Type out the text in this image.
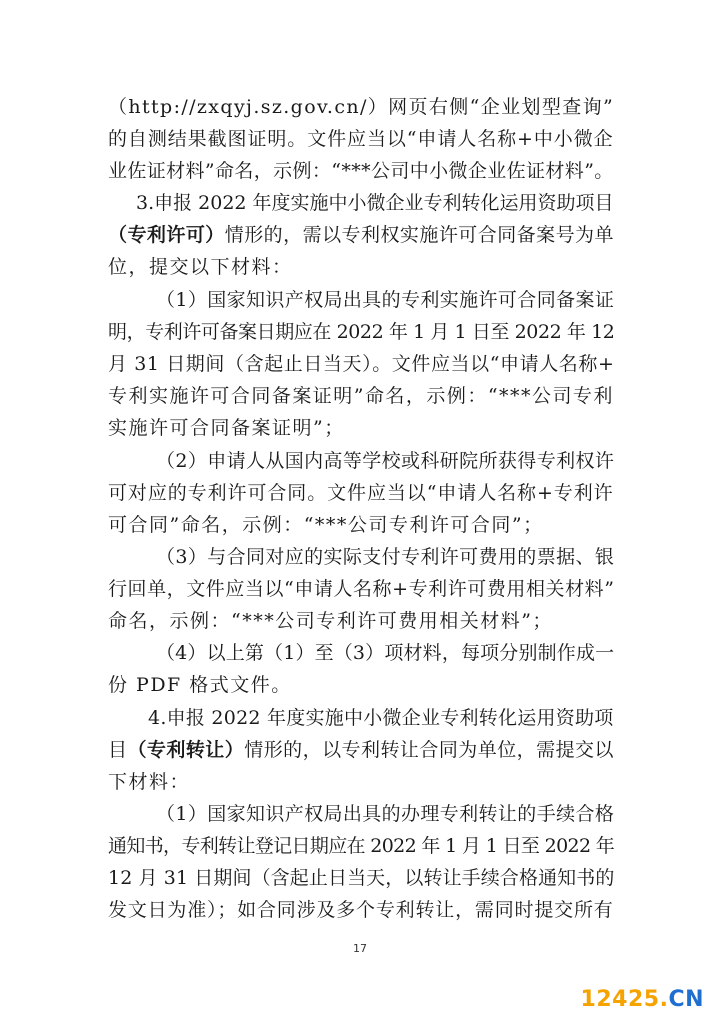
（http://zxqyj.sz.gov.cn/）网页右侧“企业划型查询”
的自测结果截图证明。文件应当以“申请人名称+中小微企
业佐证材料”命名，示例：“***公司中小微企业佐证材料”。
3.申报 2022 年度实施中小微企业专利转化运用资助项目
（专利许可）情形的，需以专利权实施许可合同备案号为单
位，提交以下材料：
（1）国家知识产权局出具的专利实施许可合同备案证
明，专利许可备案日期应在 2022 年 1 月 1 日至 2022 年 12
月 31 日期间（含起止日当天）。文件应当以“申请人名称+
专利实施许可合同备案证明”命名，示例：“***公司专利
实施许可合同备案证明”；
（2）申请人从国内高等学校或科研院所获得专利权许
可对应的专利许可合同。文件应当以“申请人名称+专利许
可合同”命名，示例：“***公司专利许可合同”；
（3）与合同对应的实际支付专利许可费用的票据、银
行回单，文件应当以“申请人名称+专利许可费用相关材料”
命名，示例：“***公司专利许可费用相关材料”；
（4）以上第（1）至（3）项材料，每项分别制作成一
份 PDF 格式文件。
4.申报 2022 年度实施中小微企业专利转化运用资助项
目（专利转让）情形的，以专利转让合同为单位，需提交以
下材料：
（1）国家知识产权局出具的办理专利转让的手续合格
通知书，专利转让登记日期应在 2022 年 1 月 1 日至 2022 年
12 月 31 日期间（含起止日当天，以转让手续合格通知书的
发文日为准）；如合同涉及多个专利转让，需同时提交所有
17
12425.CN
